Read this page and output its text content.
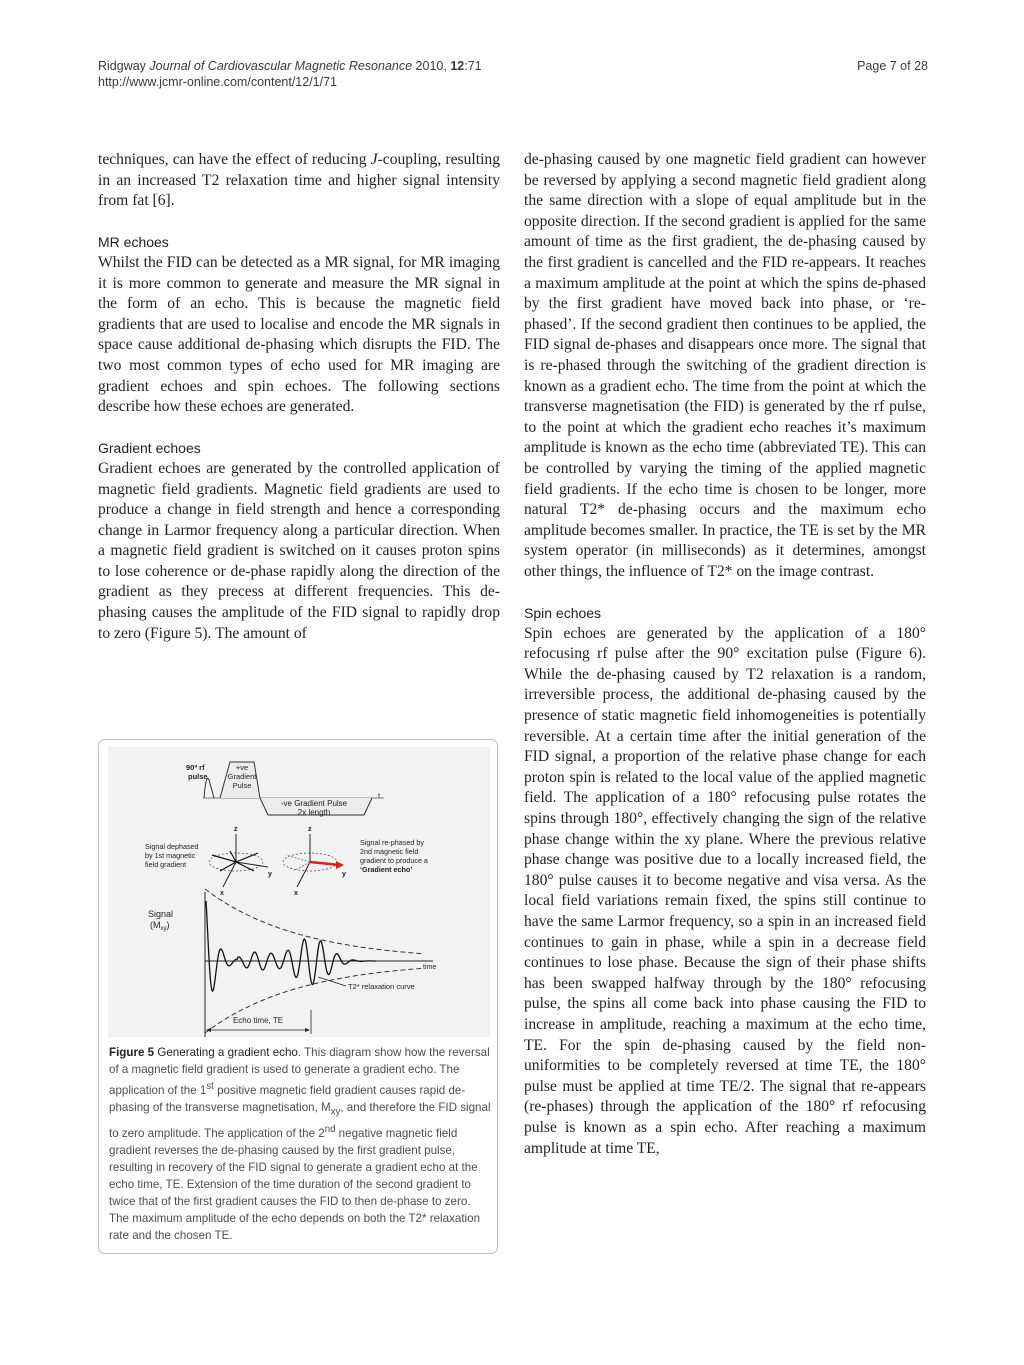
Ridgway Journal of Cardiovascular Magnetic Resonance 2010, 12:71	Page 7 of 28
http://www.jcmr-online.com/content/12/1/71

techniques, can have the effect of reducing J-coupling, resulting in an increased T2 relaxation time and higher signal intensity from fat [6].

MR echoes

Whilst the FID can be detected as a MR signal, for MR imaging it is more common to generate and measure the MR signal in the form of an echo. This is because the magnetic field gradients that are used to localise and encode the MR signals in space cause additional de-phasing which disrupts the FID. The two most common types of echo used for MR imaging are gradient echoes and spin echoes. The following sections describe how these echoes are generated.

Gradient echoes

Gradient echoes are generated by the controlled application of magnetic field gradients. Magnetic field gradients are used to produce a change in field strength and hence a corresponding change in Larmor frequency along a particular direction. When a magnetic field gradient is switched on it causes proton spins to lose coherence or de-phase rapidly along the direction of the gradient as they precess at different frequencies. This de-phasing causes the amplitude of the FID signal to rapidly drop to zero (Figure 5). The amount of

de-phasing caused by one magnetic field gradient can however be reversed by applying a second magnetic field gradient along the same direction with a slope of equal amplitude but in the opposite direction. If the second gradient is applied for the same amount of time as the first gradient, the de-phasing caused by the first gradient is cancelled and the FID re-appears. It reaches a maximum amplitude at the point at which the spins de-phased by the first gradient have moved back into phase, or ‘re-phased’. If the second gradient then continues to be applied, the FID signal de-phases and disappears once more. The signal that is re-phased through the switching of the gradient direction is known as a gradient echo. The time from the point at which the transverse magnetisation (the FID) is generated by the rf pulse, to the point at which the gradient echo reaches it’s maximum amplitude is known as the echo time (abbreviated TE). This can be controlled by varying the timing of the applied magnetic field gradients. If the echo time is chosen to be longer, more natural T2* de-phasing occurs and the maximum echo amplitude becomes smaller. In practice, the TE is set by the MR system operator (in milliseconds) as it determines, amongst other things, the influence of T2* on the image contrast.

Spin echoes

Spin echoes are generated by the application of a 180° refocusing rf pulse after the 90° excitation pulse (Figure 6). While the de-phasing caused by T2 relaxation is a random, irreversible process, the additional de-phasing caused by the presence of static magnetic field inhomogeneities is potentially reversible. At a certain time after the initial generation of the FID signal, a proportion of the relative phase change for each proton spin is related to the local value of the applied magnetic field. The application of a 180° refocusing pulse rotates the spins through 180°, effectively changing the sign of the relative phase change within the xy plane. Where the previous relative phase change was positive due to a locally increased field, the 180° pulse causes it to become negative and visa versa. As the local field variations remain fixed, the spins still continue to have the same Larmor frequency, so a spin in an increased field continues to gain in phase, while a spin in a decrease field continues to lose phase. Because the sign of their phase shifts has been swapped halfway through by the 180° refocusing pulse, the spins all come back into phase causing the FID to increase in amplitude, reaching a maximum at the echo time, TE. For the spin de-phasing caused by the field non-uniformities to be completely reversed at time TE, the 180° pulse must be applied at time TE/2. The signal that re-appears (re-phases) through the application of the 180° rf refocusing pulse is known as a spin echo. After reaching a maximum amplitude at time TE,

90º rf
pulse
+ve
Gradient
Pulse
-ve Gradient Pulse
2x length
t
z
y
x
z
y
x
Signal dephased
by 1st magnetic
field gradient
Signal re-phased by
2nd magnetic field
gradient to produce a
‘Gradient echo’
Signal
$(M_{xy})$
time
T2* relaxation curve
Echo time, TE
Figure 5 Generating a gradient echo. This diagram show how the reversal of a magnetic field gradient is used to generate a gradient echo. The application of the 1st positive magnetic field gradient causes rapid de-phasing of the transverse magnetisation, $M_{xy}$, and therefore the FID signal to zero amplitude. The application of the 2nd negative magnetic field gradient reverses the de-phasing caused by the first gradient pulse, resulting in recovery of the FID signal to generate a gradient echo at the echo time, TE. Extension of the time duration of the second gradient to twice that of the first gradient causes the FID to then de-phase to zero. The maximum amplitude of the echo depends on both the T2* relaxation rate and the chosen TE.
